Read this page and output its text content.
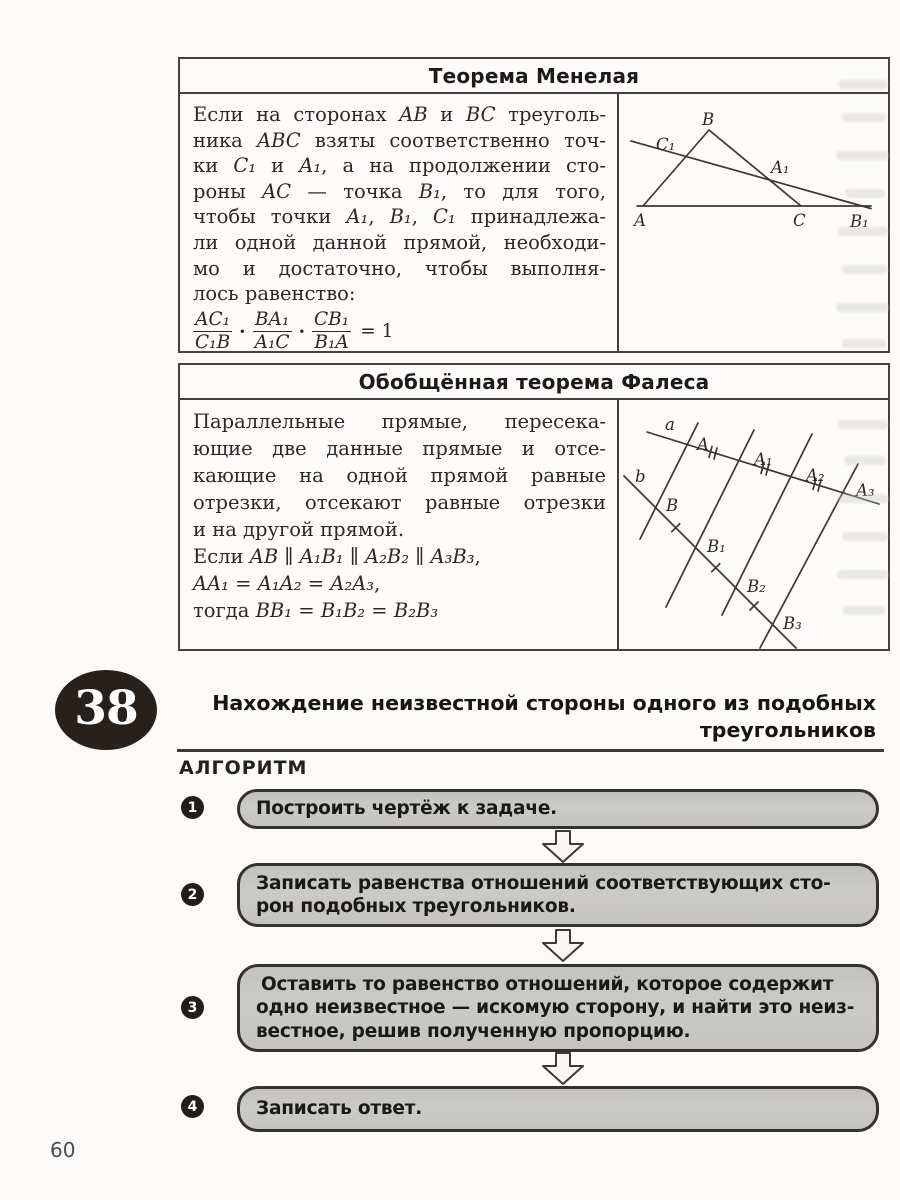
Теорема Менелая
Если на сторонах AB и BC треуголь-
ника ABC взяты соответственно точ-
ки C₁ и A₁, а на продолжении сто-
роны AC — точка B₁, то для того,
чтобы точки A₁, B₁, C₁ принадлежа-
ли одной данной прямой, необходи-
мо и достаточно, чтобы выполня-
лось равенство:
$\frac{\text{AC₁}}{\text{C₁B}} \cdot \frac{\text{BA₁}}{\text{A₁C}} \cdot \frac{\text{CB₁}}{\text{B₁A}} = 1$
B
A	C	B₁
C₁
A₁
Обобщённая теорема Фалеса
Параллельные прямые, пересека-
ющие две данные прямые и отсе-
кающие на одной прямой равные
отрезки, отсекают равные отрезки
и на другой прямой.
Если AB ∥ A₁B₁ ∥ A₂B₂ ∥ A₃B₃,
AA₁ = A₁A₂ = A₂A₃,
тогда BB₁ = B₁B₂ = B₂B₃
a
b
A
A₁
A₂
A₃
B
B₁
B₂
B₃
38	Нахождение неизвестной стороны одного из подобных
треугольников
АЛГОРИТМ
1	Построить чертёж к задаче.
2
Записать равенства отношений соответствующих сто-
рон подобных треугольников.
3
Оставить то равенство отношений, которое содержит
одно неизвестное — искомую сторону, и найти это неиз-
вестное, решив полученную пропорцию.
4	Записать ответ.
60
